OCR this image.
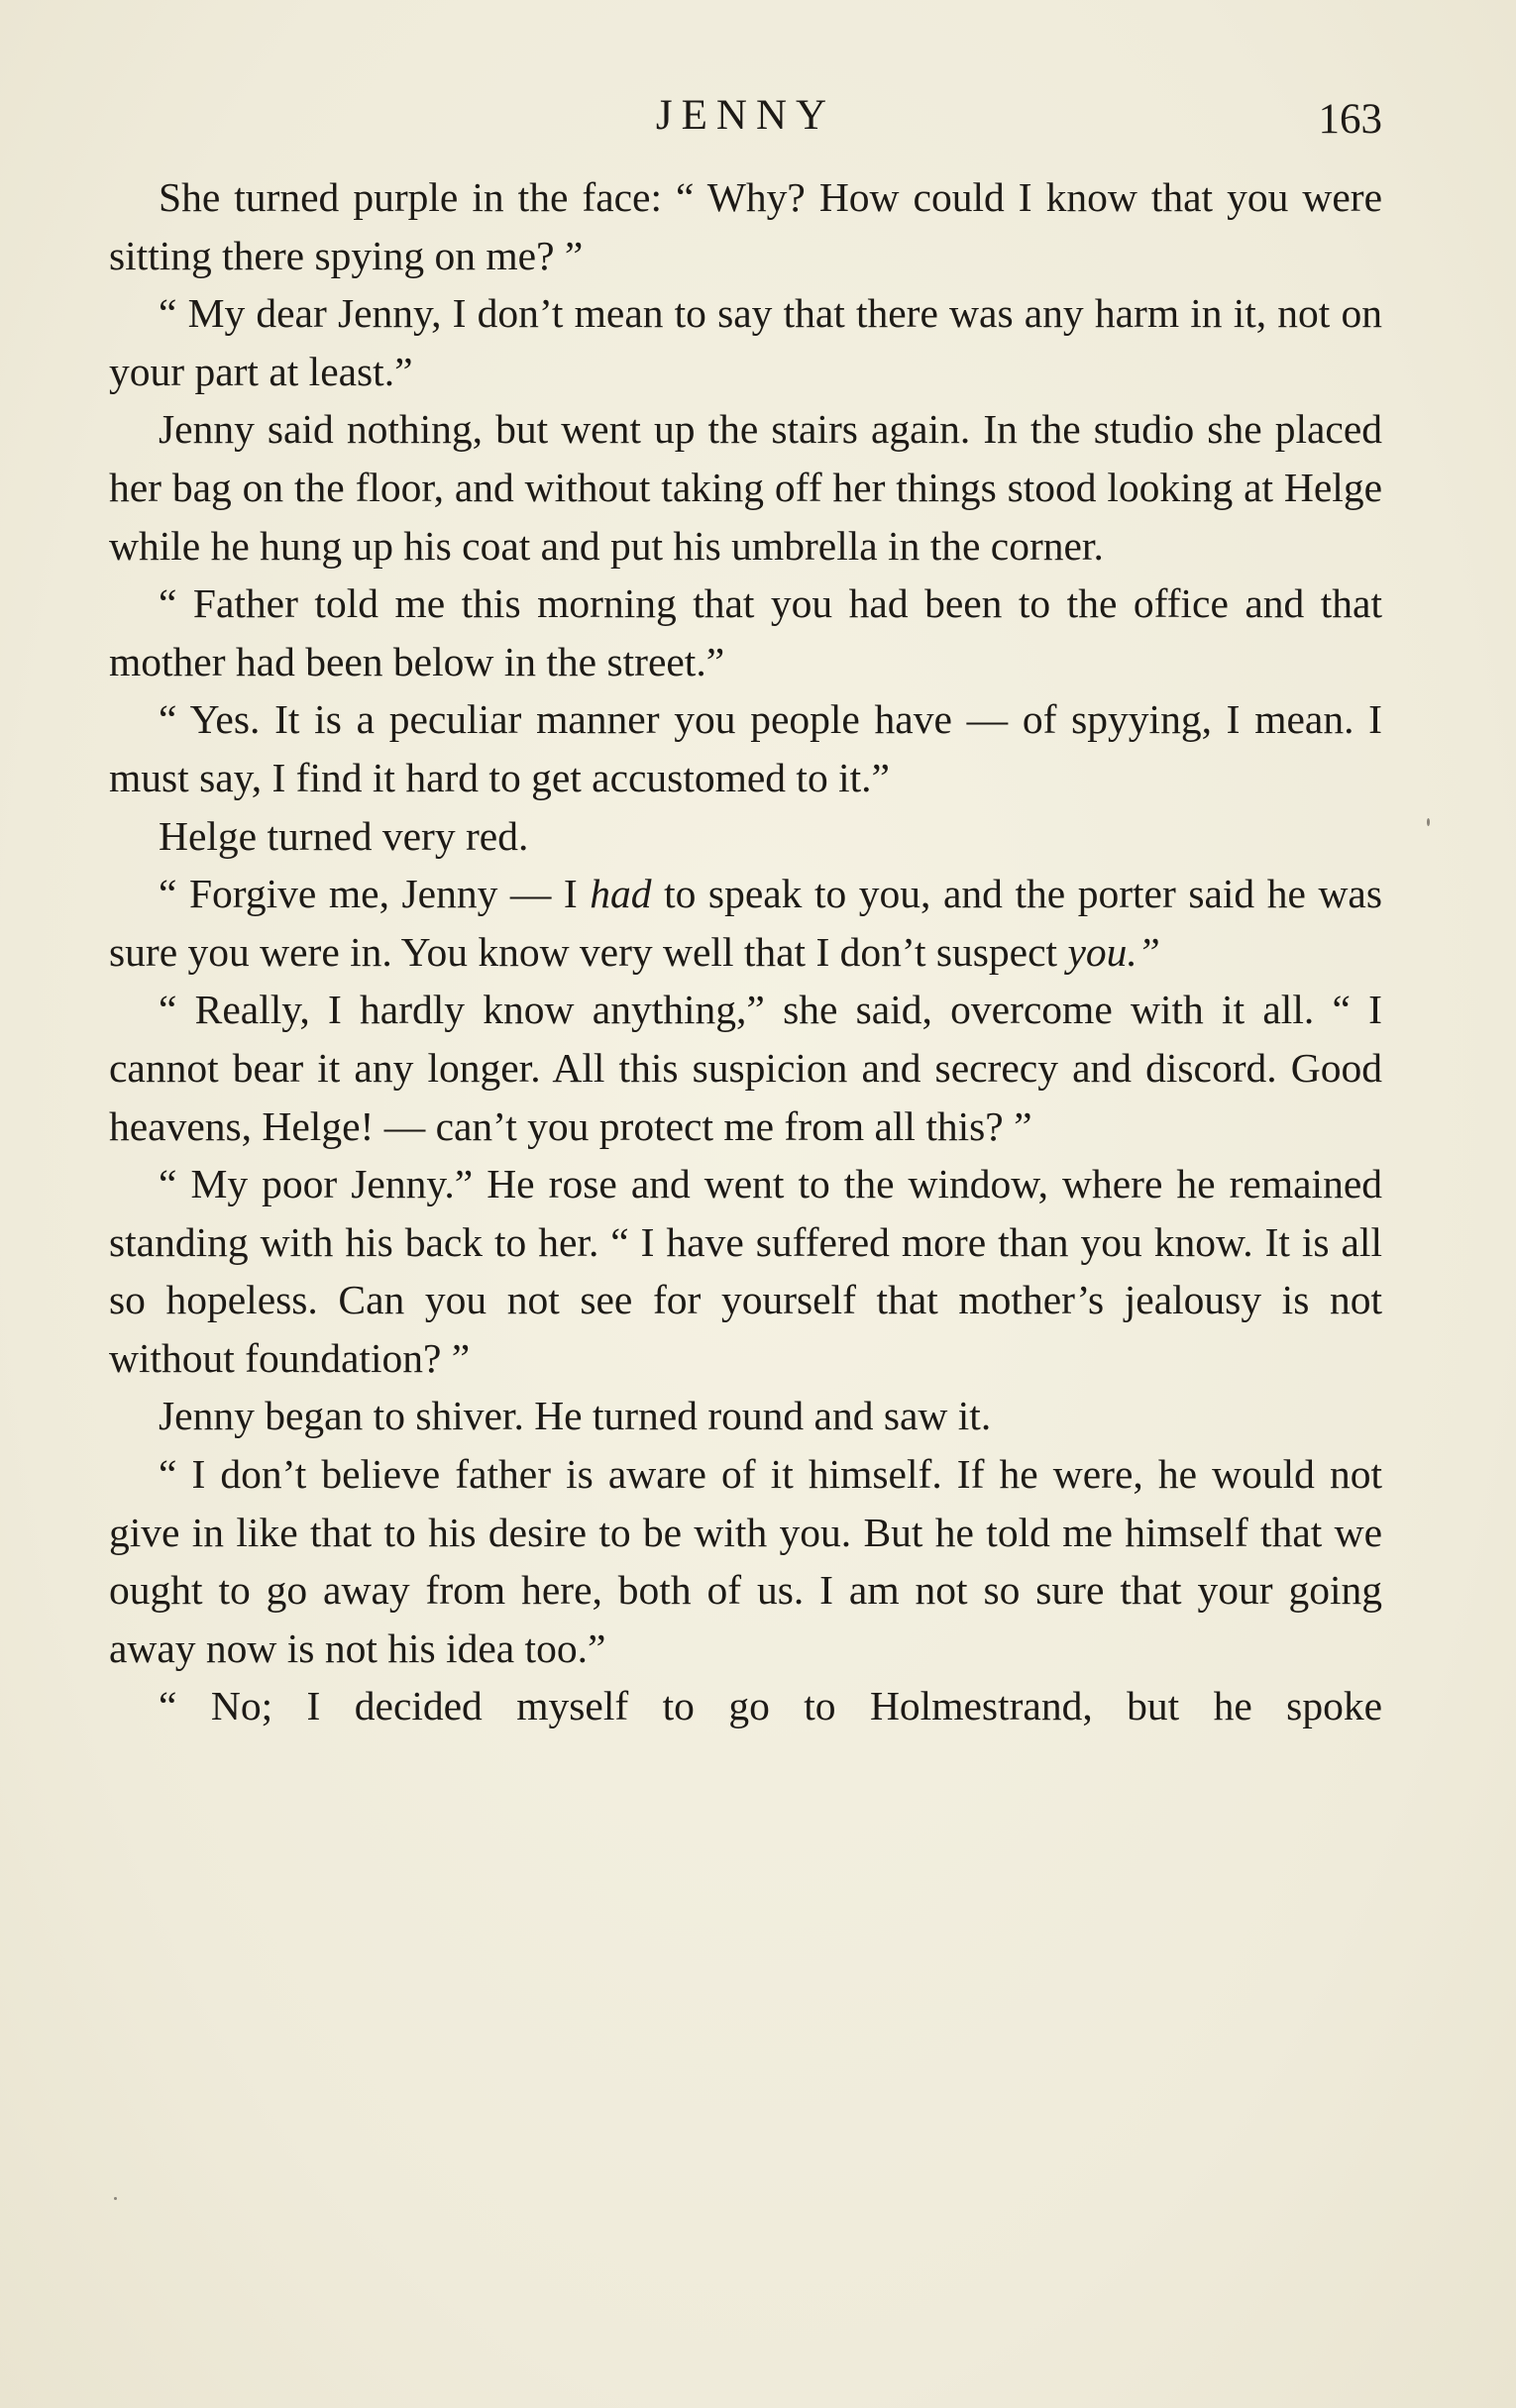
JENNY	163

She turned purple in the face: “ Why? How could I know that you were sitting there spying on me? ”

“ My dear Jenny, I don’t mean to say that there was any harm in it, not on your part at least.”

Jenny said nothing, but went up the stairs again. In the studio she placed her bag on the floor, and without taking off her things stood looking at Helge while he hung up his coat and put his umbrella in the corner.

“ Father told me this morning that you had been to the office and that mother had been below in the street.”

“ Yes. It is a peculiar manner you people have — of spyying, I mean. I must say, I find it hard to get accustomed to it.”

Helge turned very red.

“ Forgive me, Jenny — I had to speak to you, and the porter said he was sure you were in. You know very well that I don’t suspect you.”

“ Really, I hardly know anything,” she said, overcome with it all. “ I cannot bear it any longer. All this suspicion and secrecy and discord. Good heavens, Helge! — can’t you protect me from all this? ”

“ My poor Jenny.” He rose and went to the window, where he remained standing with his back to her. “ I have suffered more than you know. It is all so hopeless. Can you not see for yourself that mother’s jealousy is not without foundation? ”

Jenny began to shiver. He turned round and saw it.

“ I don’t believe father is aware of it himself. If he were, he would not give in like that to his desire to be with you. But he told me himself that we ought to go away from here, both of us. I am not so sure that your going away now is not his idea too.”

“ No; I decided myself to go to Holmestrand, but he spoke
